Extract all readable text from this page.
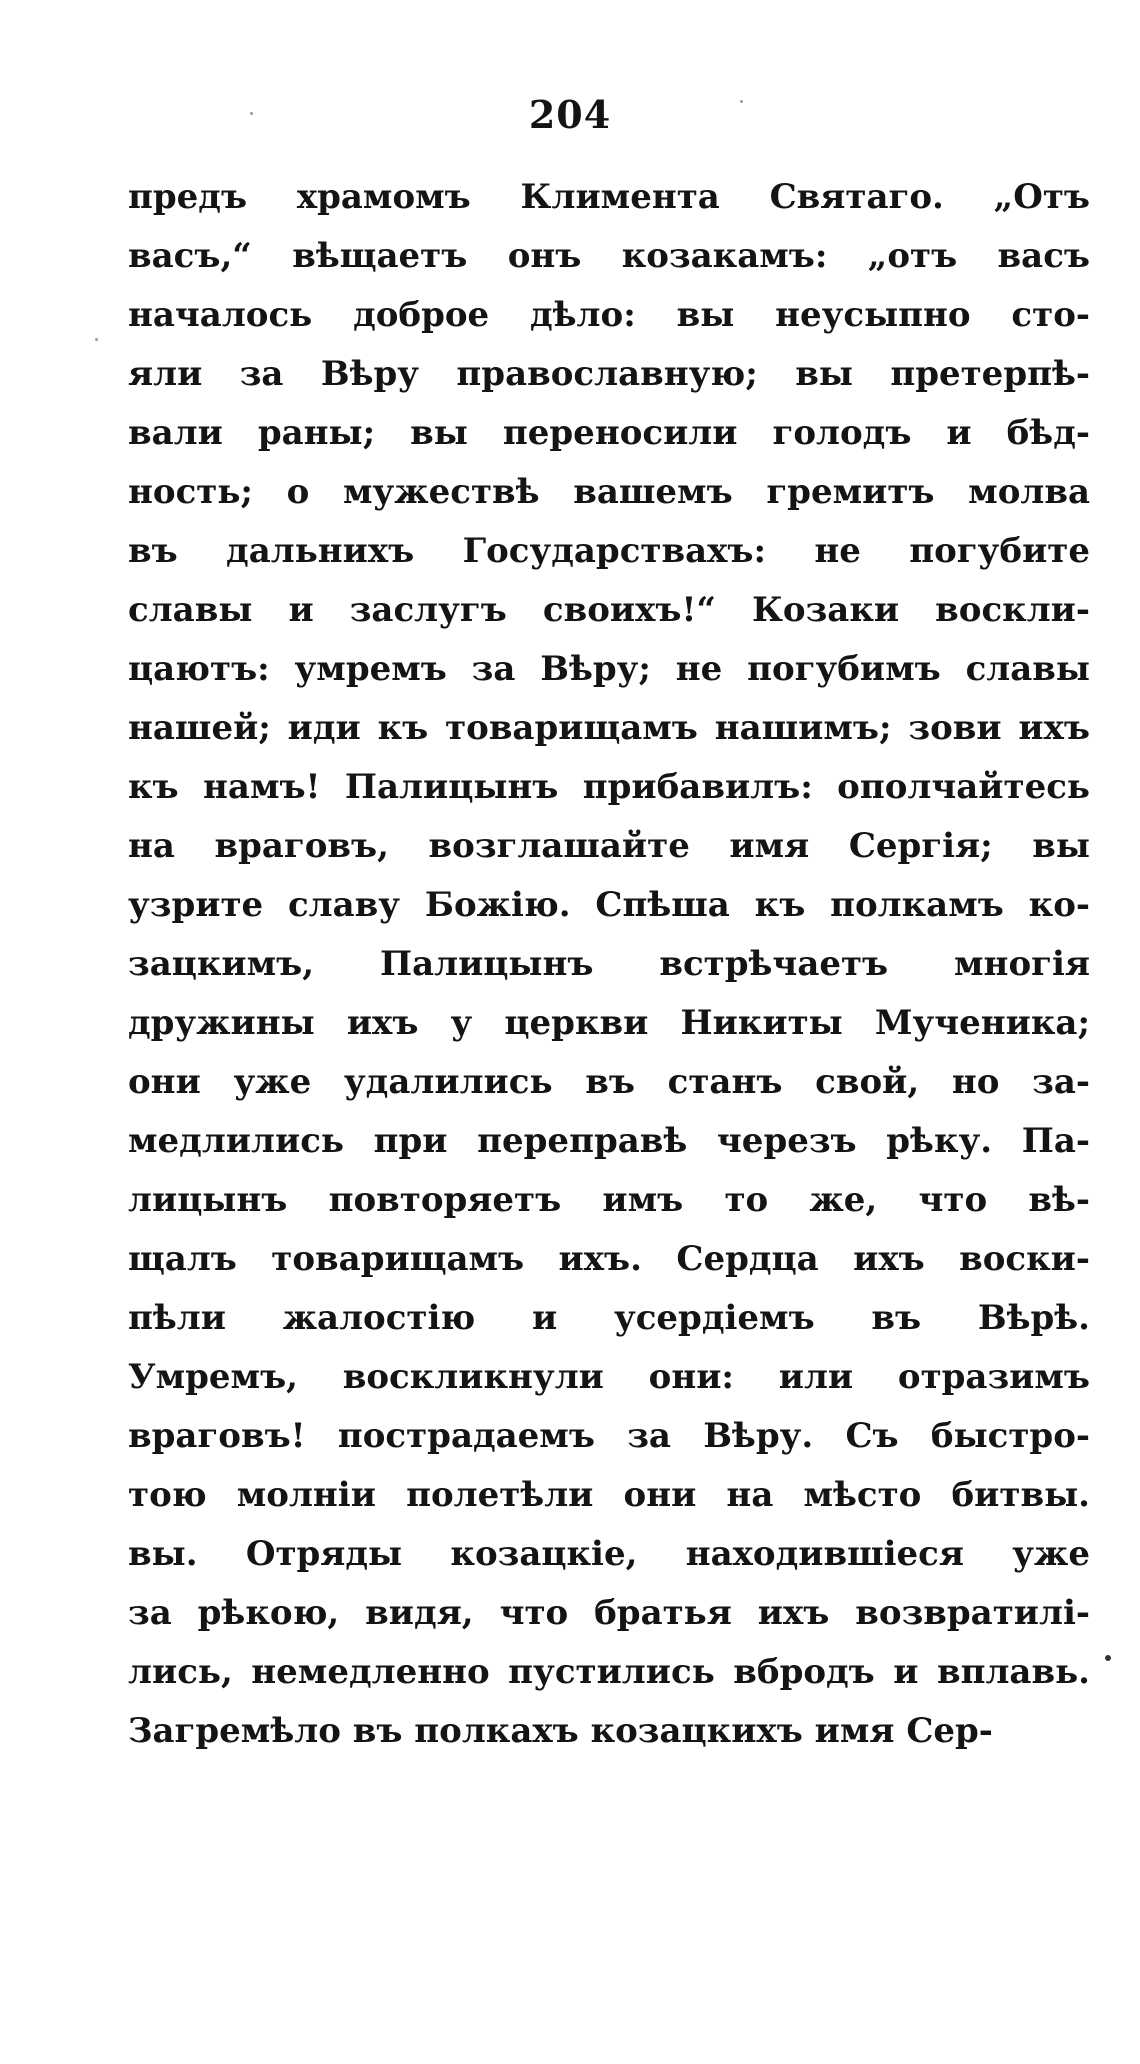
204
предъ храмомъ Климента Святаго. „Отъ
васъ,“ вѣщаетъ онъ козакамъ: „отъ васъ
началось доброе дѣло: вы неусыпно сто-
яли за Вѣру православную; вы претерпѣ-
вали раны; вы переносили голодъ и бѣд-
ность; о мужествѣ вашемъ гремитъ молва
въ дальнихъ Государствахъ: не погубите
славы и заслугъ своихъ!“ Козаки воскли-
цаютъ: умремъ за Вѣру; не погубимъ славы
нашей; иди къ товарищамъ нашимъ; зови ихъ
къ намъ! Палицынъ прибавилъ: ополчайтесь
на враговъ, возглашайте имя Сергія; вы
узрите славу Божію. Спѣша къ полкамъ ко-
зацкимъ, Палицынъ встрѣчаетъ многія
дружины ихъ у церкви Никиты Мученика;
они уже удалились въ станъ свой, но за-
медлились при переправѣ черезъ рѣку. Па-
лицынъ повторяетъ имъ то же, что вѣ-
щалъ товарищамъ ихъ. Сердца ихъ воски-
пѣли жалостію и усердіемъ въ Вѣрѣ.
Умремъ, воскликнули они: или отразимъ
враговъ! пострадаемъ за Вѣру. Съ быстро-
тою молніи полетѣли они на мѣсто битвы.
вы. Отряды козацкіе, находившіеся уже
за рѣкою, видя, что братья ихъ возвратилі-
лись, немедленно пустились вбродъ и вплавь.
Загремѣло въ полкахъ козацкихъ имя Сер-
